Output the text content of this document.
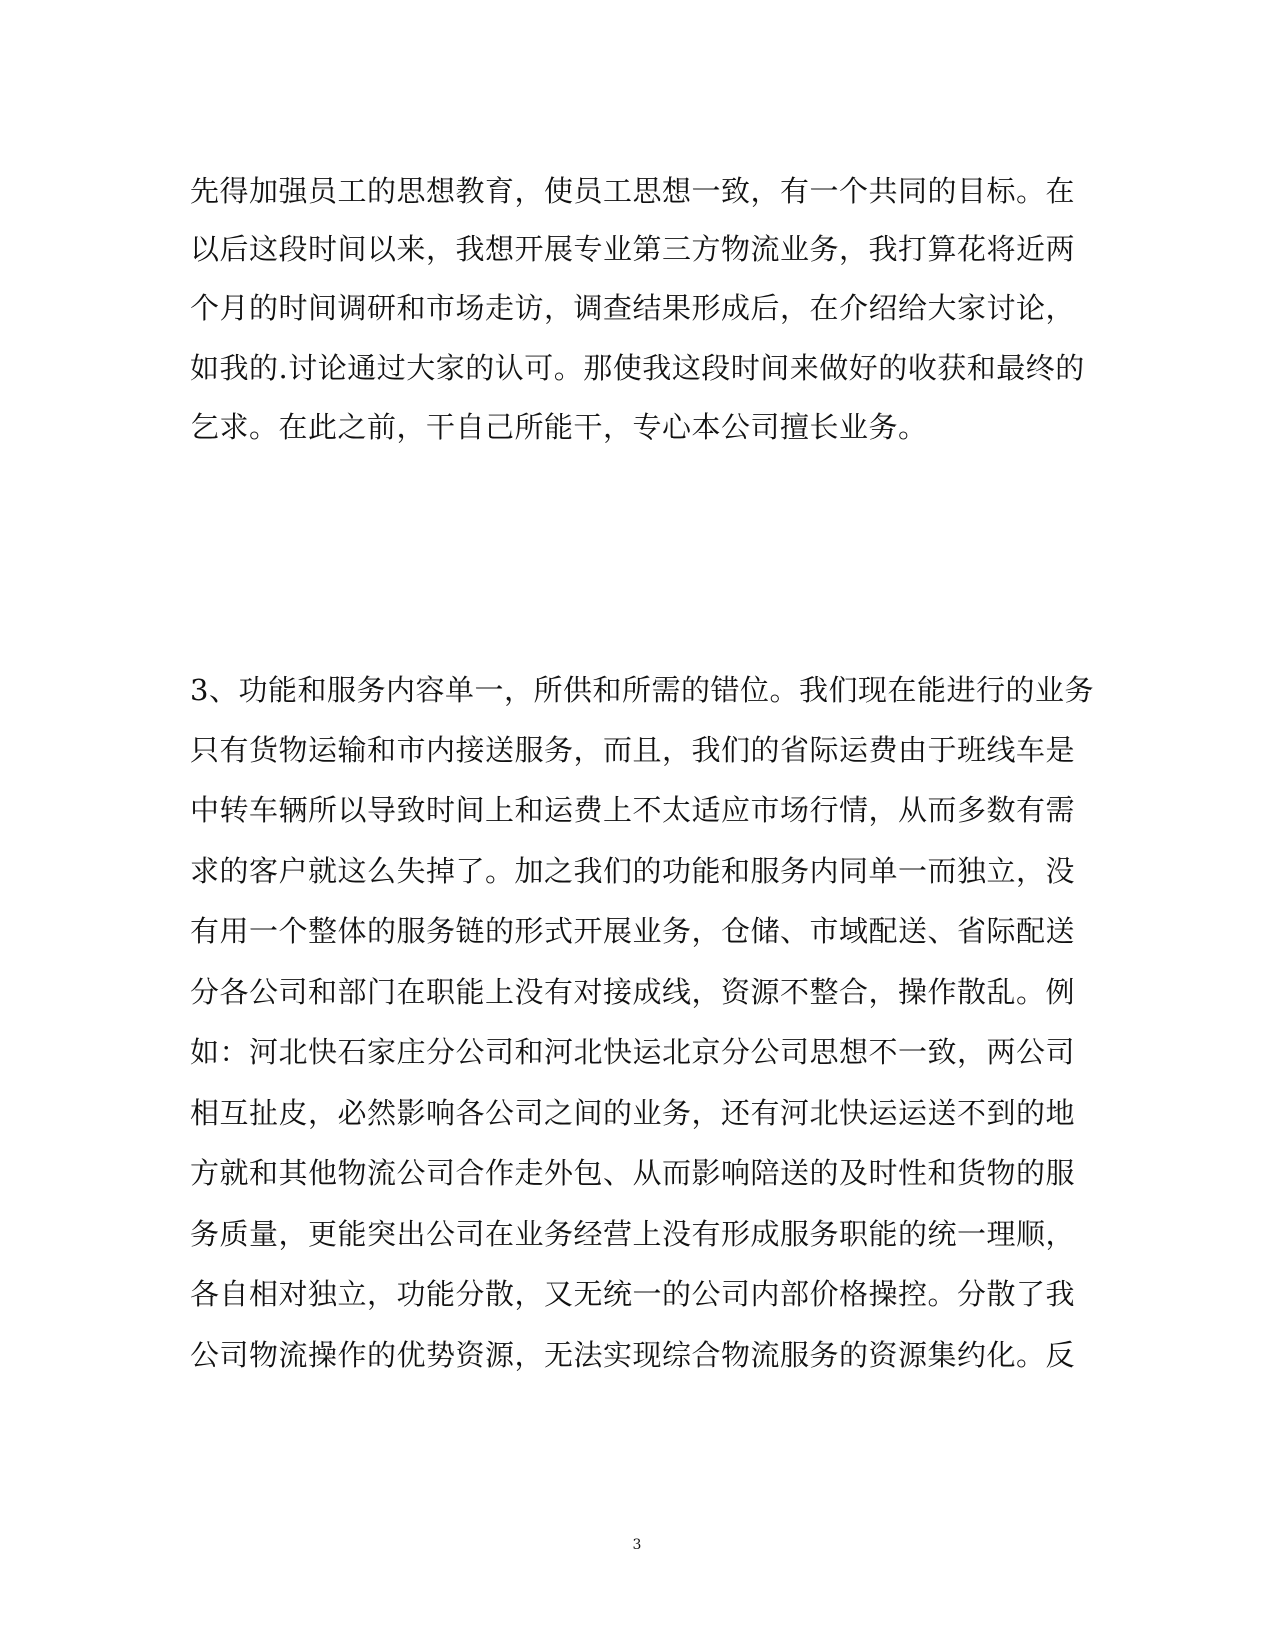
先得加强员工的思想教育，使员工思想一致，有一个共同的目标。在
以后这段时间以来，我想开展专业第三方物流业务，我打算花将近两
个月的时间调研和市场走访，调查结果形成后，在介绍给大家讨论，
如我的.讨论通过大家的认可。那使我这段时间来做好的收获和最终的
乞求。在此之前，干自己所能干，专心本公司擅长业务。
3、功能和服务内容单一，所供和所需的错位。我们现在能进行的业务
只有货物运输和市内接送服务，而且，我们的省际运费由于班线车是
中转车辆所以导致时间上和运费上不太适应市场行情，从而多数有需
求的客户就这么失掉了。加之我们的功能和服务内同单一而独立，没
有用一个整体的服务链的形式开展业务，仓储、市域配送、省际配送
分各公司和部门在职能上没有对接成线，资源不整合，操作散乱。例
如：河北快石家庄分公司和河北快运北京分公司思想不一致，两公司
相互扯皮，必然影响各公司之间的业务，还有河北快运运送不到的地
方就和其他物流公司合作走外包、从而影响陪送的及时性和货物的服
务质量，更能突出公司在业务经营上没有形成服务职能的统一理顺，
各自相对独立，功能分散，又无统一的公司内部价格操控。分散了我
公司物流操作的优势资源，无法实现综合物流服务的资源集约化。反
3
